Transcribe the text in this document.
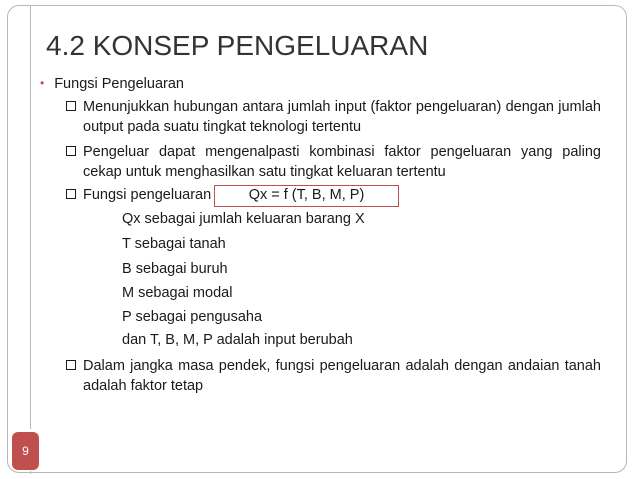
4.2 KONSEP PENGELUARAN
• Fungsi Pengeluaran
Menunjukkan hubungan antara jumlah input (faktor pengeluaran) dengan jumlah output pada suatu tingkat teknologi tertentu
Pengeluar dapat mengenalpasti kombinasi faktor pengeluaran yang paling cekap untuk menghasilkan satu tingkat keluaran tertentu
Fungsi pengeluaran	Qx = f (T, B, M, P)
Qx sebagai jumlah keluaran barang X
T sebagai tanah
B sebagai buruh
M sebagai modal
P sebagai pengusaha
dan T, B, M, P adalah input berubah
Dalam jangka masa pendek, fungsi pengeluaran adalah dengan andaian tanah adalah faktor tetap
9
